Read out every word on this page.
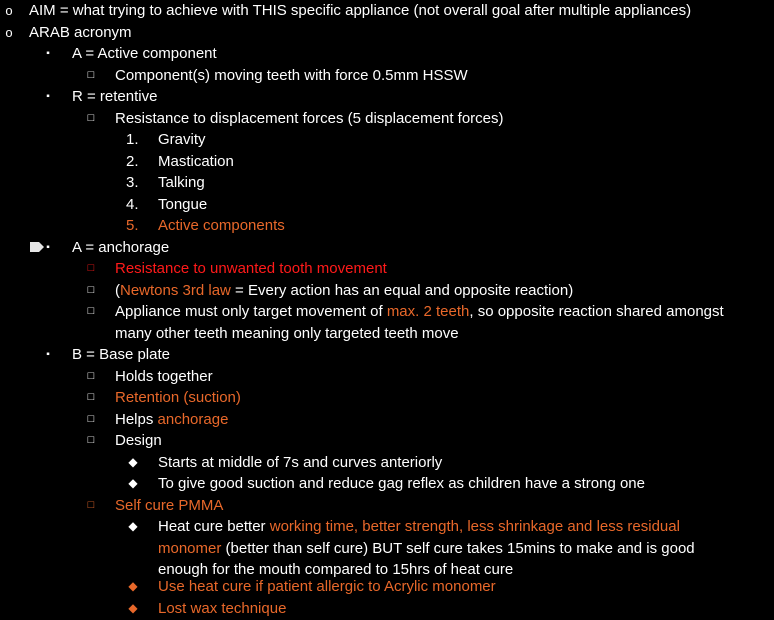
o AIM = what trying to achieve with THIS specific appliance (not overall goal after multiple appliances)
o ARAB acronym
▪	A = Active component
□ Component(s) moving teeth with force 0.5mm HSSW
▪	R = retentive
□ Resistance to displacement forces (5 displacement forces)
1.	Gravity
2.	Mastication
3.	Talking
4.	Tongue
5.	Active components
▪	A = anchorage
□ Resistance to unwanted tooth movement
□ (Newtons 3rd law = Every action has an equal and opposite reaction)
□ Appliance must only target movement of max. 2 teeth, so opposite reaction shared amongst
many other teeth meaning only targeted teeth move
▪	B = Base plate
□ Holds together
□ Retention (suction)
□ Helps anchorage
□ Design
◆ Starts at middle of 7s and curves anteriorly
◆ To give good suction and reduce gag reflex as children have a strong one
□ Self cure PMMA
◆ Heat cure better working time, better strength, less shrinkage and less residual
monomer (better than self cure) BUT self cure takes 15mins to make and is good
enough for the mouth compared to 15hrs of heat cure
◆ Use heat cure if patient allergic to Acrylic monomer
◆ Lost wax technique
